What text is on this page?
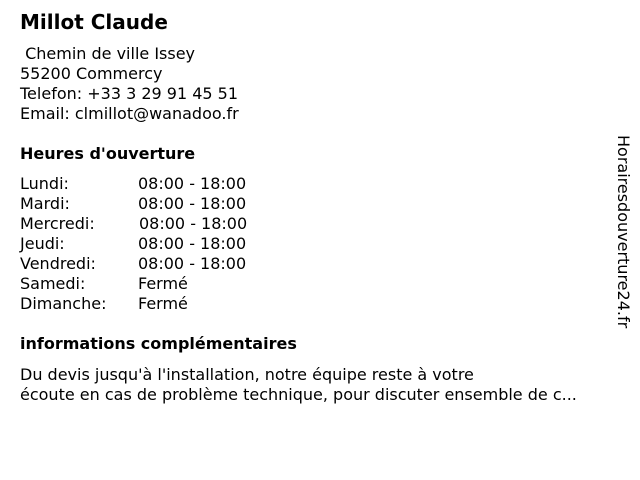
Millot Claude
Chemin de ville Issey
55200 Commercy
Telefon: +33 3 29 91 45 51
Email: clmillot@wanadoo.fr
Heures d'ouverture
Lundi:	08:00 - 18:00
Mardi:	08:00 - 18:00
Mercredi:	08:00 - 18:00
Jeudi:	08:00 - 18:00
Vendredi:	08:00 - 18:00
Samedi:	Fermé
Dimanche: Fermé
informations complémentaires
Du devis jusqu'à l'installation, notre équipe reste à votre
écoute en cas de problème technique, pour discuter ensemble de c...
Horairesdouverture24.fr
